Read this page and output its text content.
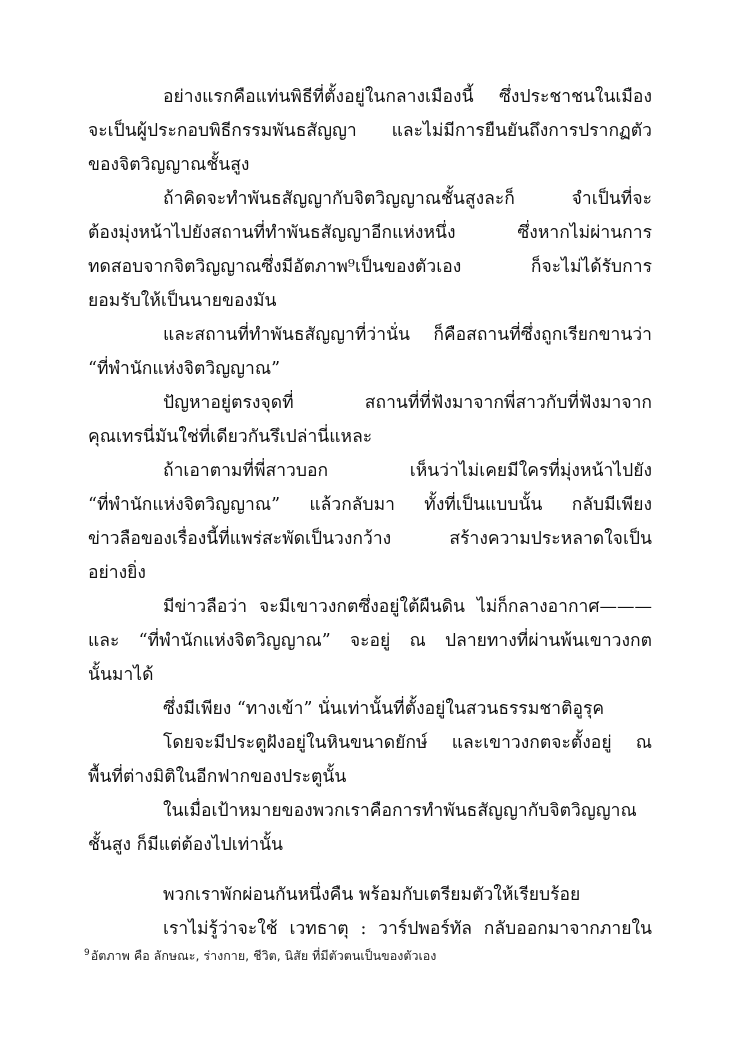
อย่างแรกคือแท่นพิธีที่ตั้งอยู่ในกลางเมืองนี้ ซึ่งประชาชนในเมือง
จะเป็นผู้ประกอบพิธีกรรมพันธสัญญา และไม่มีการยืนยันถึงการปรากฏตัว
ของจิตวิญญาณชั้นสูง
ถ้าคิดจะทำพันธสัญญากับจิตวิญญาณชั้นสูงละก็ จำเป็นที่จะ
ต้องมุ่งหน้าไปยังสถานที่ทำพันธสัญญาอีกแห่งหนึ่ง ซึ่งหากไม่ผ่านการ
ทดสอบจากจิตวิญญาณซึ่งมีอัตภาพ⁹เป็นของตัวเอง ก็จะไม่ได้รับการ
ยอมรับให้เป็นนายของมัน
และสถานที่ทำพันธสัญญาที่ว่านั่น ก็คือสถานที่ซึ่งถูกเรียกขานว่า
“ที่พำนักแห่งจิตวิญญาณ”
ปัญหาอยู่ตรงจุดที่ สถานที่ที่ฟังมาจากพี่สาวกับที่ฟังมาจาก
คุณเทรนี่มันใช่ที่เดียวกันรึเปล่านี่แหละ
ถ้าเอาตามที่พี่สาวบอก เห็นว่าไม่เคยมีใครที่มุ่งหน้าไปยัง
“ที่พำนักแห่งจิตวิญญาณ” แล้วกลับมา ทั้งที่เป็นแบบนั้น กลับมีเพียง
ข่าวลือของเรื่องนี้ที่แพร่สะพัดเป็นวงกว้าง สร้างความประหลาดใจเป็น
อย่างยิ่ง
มีข่าวลือว่า จะมีเขาวงกตซึ่งอยู่ใต้ผืนดิน ไม่ก็กลางอากาศ———
และ “ที่พำนักแห่งจิตวิญญาณ” จะอยู่ ณ ปลายทางที่ผ่านพ้นเขาวงกต
นั้นมาได้
ซึ่งมีเพียง “ทางเข้า” นั่นเท่านั้นที่ตั้งอยู่ในสวนธรรมชาติอูรุค
โดยจะมีประตูฝังอยู่ในหินขนาดยักษ์ และเขาวงกตจะตั้งอยู่ ณ
พื้นที่ต่างมิติในอีกฟากของประตูนั้น
ในเมื่อเป้าหมายของพวกเราคือการทำพันธสัญญากับจิตวิญญาณ
ชั้นสูง ก็มีแต่ต้องไปเท่านั้น
พวกเราพักผ่อนกันหนึ่งคืน พร้อมกับเตรียมตัวให้เรียบร้อย
เราไม่รู้ว่าจะใช้ เวทธาตุ : วาร์ปพอร์ทัล กลับออกมาจากภายใน
$^9$อัตภาพ คือ ลักษณะ, ร่างกาย, ชีวิต, นิสัย ที่มีตัวตนเป็นของตัวเอง
